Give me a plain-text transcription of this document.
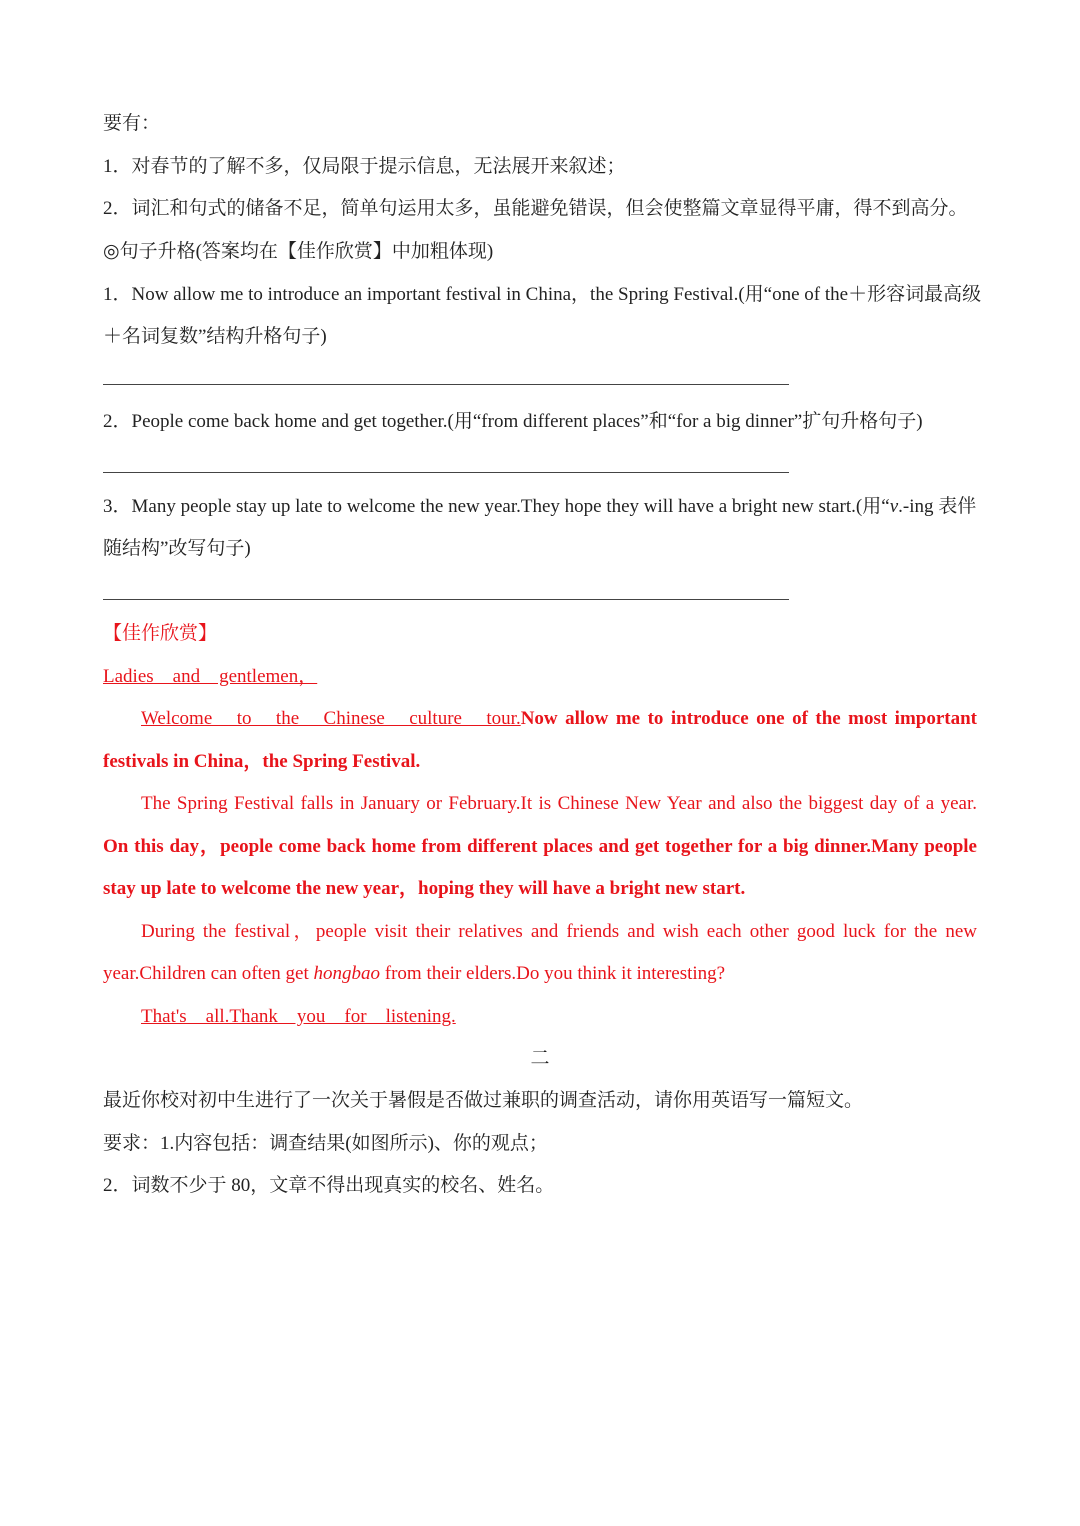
要有：
1．对春节的了解不多，仅局限于提示信息，无法展开来叙述；
2．词汇和句式的储备不足，简单句运用太多，虽能避免错误，但会使整篇文章显得平庸，得不到高分。
◎句子升格(答案均在【佳作欣赏】中加粗体现)
1．Now allow me to introduce an important festival in China，the Spring Festival.(用“one of the＋形容词最高级
＋名词复数”结构升格句子)
2．People come back home and get together.(用“from different places”和“for a big dinner”扩句升格句子)
3．Many people stay up late to welcome the new year.They hope they will have a bright new start.(用“v.-ing 表伴
随结构”改写句子)
【佳作欣赏】
Ladies　and　gentlemen，
Welcome　to　the　Chinese　culture　tour.Now allow me to introduce one of the most important
festivals in China，the Spring Festival.
The Spring Festival falls in January or February.It is Chinese New Year and also the biggest day of a year.
On this day，people come back home from different places and get together for a big dinner.Many people
stay up late to welcome the new year，hoping they will have a bright new start.
During the festival，people visit their relatives and friends and wish each other good luck for the new
year.Children can often get hongbao from their elders.Do you think it interesting?
That's　all.Thank　you　for　listening.
二
最近你校对初中生进行了一次关于暑假是否做过兼职的调查活动，请你用英语写一篇短文。
要求：1.内容包括：调查结果(如图所示)、你的观点；
2．词数不少于 80，文章不得出现真实的校名、姓名。
